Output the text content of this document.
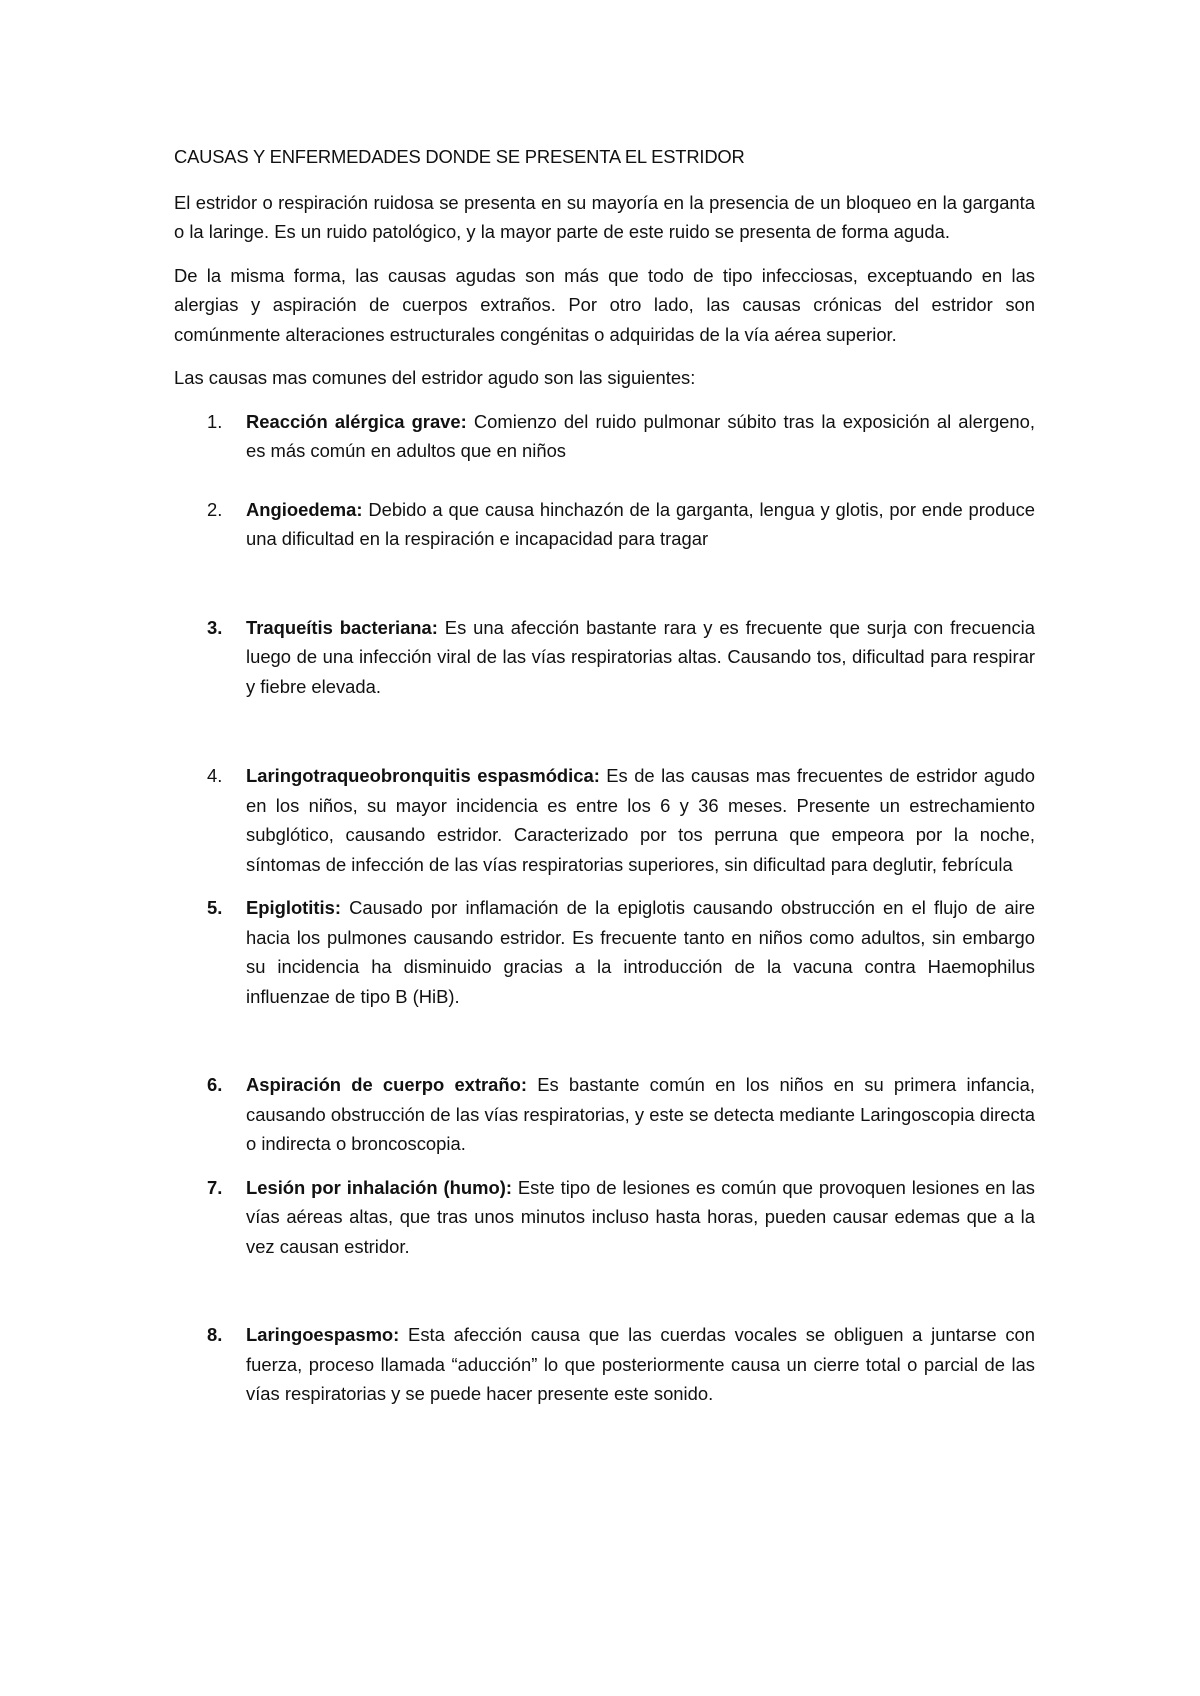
CAUSAS Y ENFERMEDADES DONDE SE PRESENTA EL ESTRIDOR

El estridor o respiración ruidosa se presenta en su mayoría en la presencia de un bloqueo en la garganta o la laringe. Es un ruido patológico, y la mayor parte de este ruido se presenta de forma aguda.

De la misma forma, las causas agudas son más que todo de tipo infecciosas, exceptuando en las alergias y aspiración de cuerpos extraños. Por otro lado, las causas crónicas del estridor son comúnmente alteraciones estructurales congénitas o adquiridas de la vía aérea superior.

Las causas mas comunes del estridor agudo son las siguientes:

1. Reacción alérgica grave: Comienzo del ruido pulmonar súbito tras la exposición al alergeno, es más común en adultos que en niños
2. Angioedema: Debido a que causa hinchazón de la garganta, lengua y glotis, por ende produce una dificultad en la respiración e incapacidad para tragar
3. Traqueítis bacteriana: Es una afección bastante rara y es frecuente que surja con frecuencia luego de una infección viral de las vías respiratorias altas. Causando tos, dificultad para respirar y fiebre elevada.
4. Laringotraqueobronquitis espasmódica: Es de las causas mas frecuentes de estridor agudo en los niños, su mayor incidencia es entre los 6 y 36 meses. Presente un estrechamiento subglótico, causando estridor. Caracterizado por tos perruna que empeora por la noche, síntomas de infección de las vías respiratorias superiores, sin dificultad para deglutir, febrícula
5. Epiglotitis: Causado por inflamación de la epiglotis causando obstrucción en el flujo de aire hacia los pulmones causando estridor. Es frecuente tanto en niños como adultos, sin embargo su incidencia ha disminuido gracias a la introducción de la vacuna contra Haemophilus influenzae de tipo B (HiB).
6. Aspiración de cuerpo extraño: Es bastante común en los niños en su primera infancia, causando obstrucción de las vías respiratorias, y este se detecta mediante Laringoscopia directa o indirecta o broncoscopia.
7. Lesión por inhalación (humo): Este tipo de lesiones es común que provoquen lesiones en las vías aéreas altas, que tras unos minutos incluso hasta horas, pueden causar edemas que a la vez causan estridor.
8. Laringoespasmo: Esta afección causa que las cuerdas vocales se obliguen a juntarse con fuerza, proceso llamada “aducción” lo que posteriormente causa un cierre total o parcial de las vías respiratorias y se puede hacer presente este sonido.
